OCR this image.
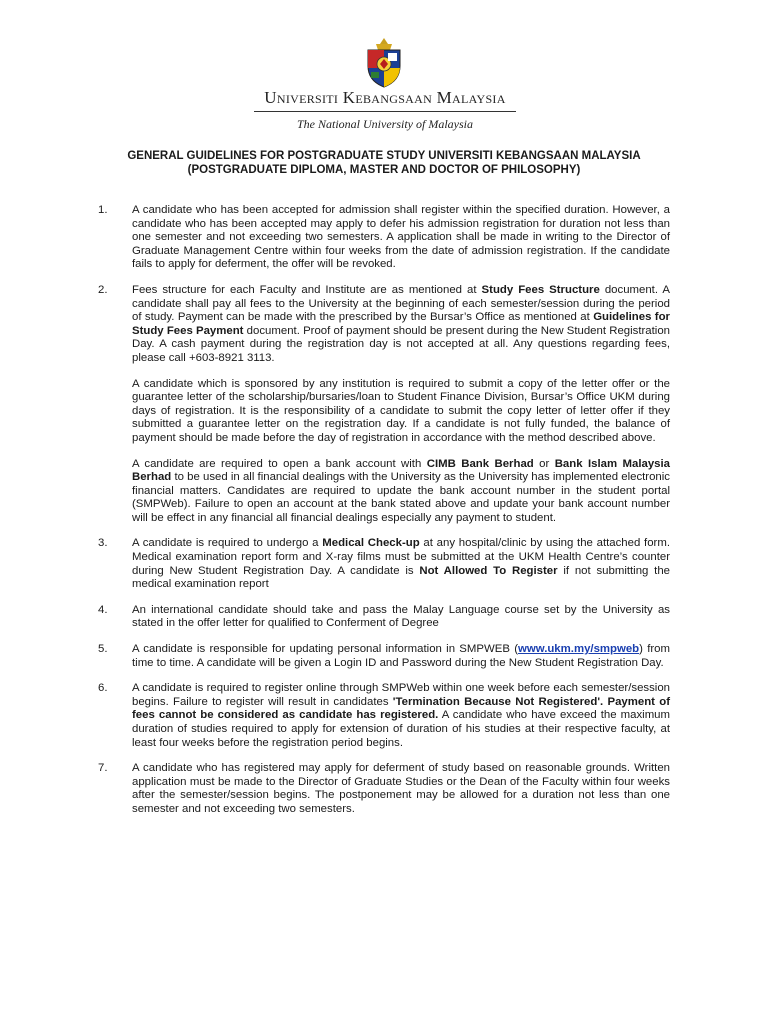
Universiti Kebangsaan Malaysia
The National University of Malaysia
GENERAL GUIDELINES FOR POSTGRADUATE STUDY UNIVERSITI KEBANGSAAN MALAYSIA
(POSTGRADUATE DIPLOMA, MASTER AND DOCTOR OF PHILOSOPHY)
1.	A candidate who has been accepted for admission shall register within the specified duration. However, a candidate who has been accepted may apply to defer his admission registration for duration not less than one semester and not exceeding two semesters. A application shall be made in writing to the Director of Graduate Management Centre within four weeks from the date of admission registration. If the candidate fails to apply for deferment, the offer will be revoked.

2.	Fees structure for each Faculty and Institute are as mentioned at Study Fees Structure document. A candidate shall pay all fees to the University at the beginning of each semester/session during the period of study. Payment can be made with the prescribed by the Bursar’s Office as mentioned at Guidelines for Study Fees Payment document. Proof of payment should be present during the New Student Registration Day. A cash payment during the registration day is not accepted at all. Any questions regarding fees, please call +603-8921 3113.

A candidate which is sponsored by any institution is required to submit a copy of the letter offer or the guarantee letter of the scholarship/bursaries/loan to Student Finance Division, Bursar’s Office UKM during days of registration. It is the responsibility of a candidate to submit the copy letter of letter offer if they submitted a guarantee letter on the registration day. If a candidate is not fully funded, the balance of payment should be made before the day of registration in accordance with the method described above.

A candidate are required to open a bank account with CIMB Bank Berhad or Bank Islam Malaysia Berhad to be used in all financial dealings with the University as the University has implemented electronic financial matters. Candidates are required to update the bank account number in the student portal (SMPWeb). Failure to open an account at the bank stated above and update your bank account number will be effect in any financial all financial dealings especially any payment to student.

3.	A candidate is required to undergo a Medical Check-up at any hospital/clinic by using the attached form. Medical examination report form and X-ray films must be submitted at the UKM Health Centre’s counter during New Student Registration Day. A candidate is Not Allowed To Register if not submitting the medical examination report

4.	An international candidate should take and pass the Malay Language course set by the University as stated in the offer letter for qualified to Conferment of Degree

5.	A candidate is responsible for updating personal information in SMPWEB (www.ukm.my/smpweb) from time to time. A candidate will be given a Login ID and Password during the New Student Registration Day.

6.	A candidate is required to register online through SMPWeb within one week before each semester/session begins. Failure to register will result in candidates 'Termination Because Not Registered'. Payment of fees cannot be considered as candidate has registered. A candidate who have exceed the maximum duration of studies required to apply for extension of duration of his studies at their respective faculty, at least four weeks before the registration period begins.

7.	A candidate who has registered may apply for deferment of study based on reasonable grounds. Written application must be made to the Director of Graduate Studies or the Dean of the Faculty within four weeks after the semester/session begins. The postponement may be allowed for a duration not less than one semester and not exceeding two semesters.
